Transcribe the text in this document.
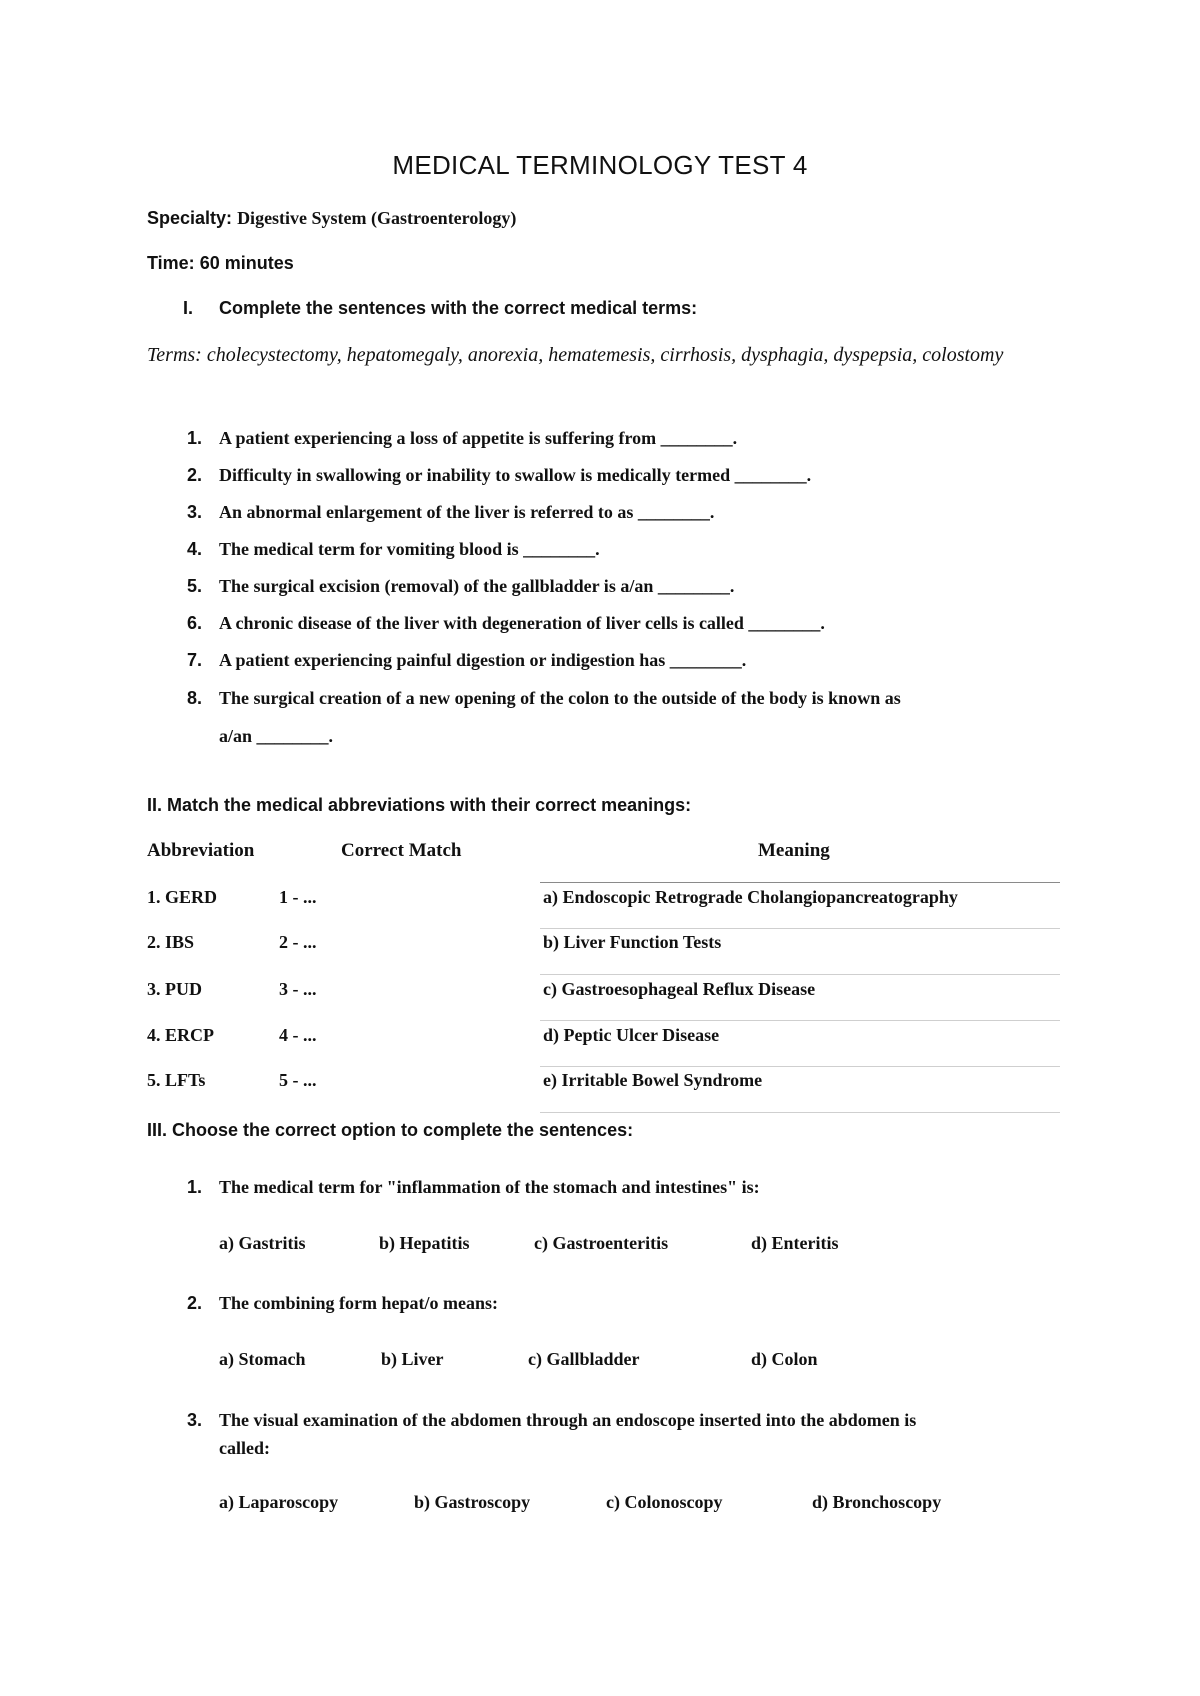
MEDICAL TERMINOLOGY TEST 4
Specialty: Digestive System (Gastroenterology)
Time: 60 minutes
I. Complete the sentences with the correct medical terms:
Terms: cholecystectomy, hepatomegaly, anorexia, hematemesis, cirrhosis, dysphagia, dyspepsia, colostomy
1. A patient experiencing a loss of appetite is suffering from ________.
2. Difficulty in swallowing or inability to swallow is medically termed ________.
3. An abnormal enlargement of the liver is referred to as ________.
4. The medical term for vomiting blood is ________.
5. The surgical excision (removal) of the gallbladder is a/an ________.
6. A chronic disease of the liver with degeneration of liver cells is called ________.
7. A patient experiencing painful digestion or indigestion has ________.
8. The surgical creation of a new opening of the colon to the outside of the body is known as
a/an ________.
II. Match the medical abbreviations with their correct meanings:
Abbreviation	Correct Match	Meaning
1. GERD	1 - ...	a) Endoscopic Retrograde Cholangiopancreatography
2. IBS	2 - ...	b) Liver Function Tests
3. PUD	3 - ...	c) Gastroesophageal Reflux Disease
4. ERCP	4 - ...	d) Peptic Ulcer Disease
5. LFTs	5 - ...	e) Irritable Bowel Syndrome
III. Choose the correct option to complete the sentences:
1. The medical term for "inflammation of the stomach and intestines" is:
a) Gastritis	b) Hepatitis	c) Gastroenteritis	d) Enteritis
2. The combining form hepat/o means:
a) Stomach	b) Liver	c) Gallbladder	d) Colon
3. The visual examination of the abdomen through an endoscope inserted into the abdomen is
called:
a) Laparoscopy	b) Gastroscopy	c) Colonoscopy	d) Bronchoscopy
